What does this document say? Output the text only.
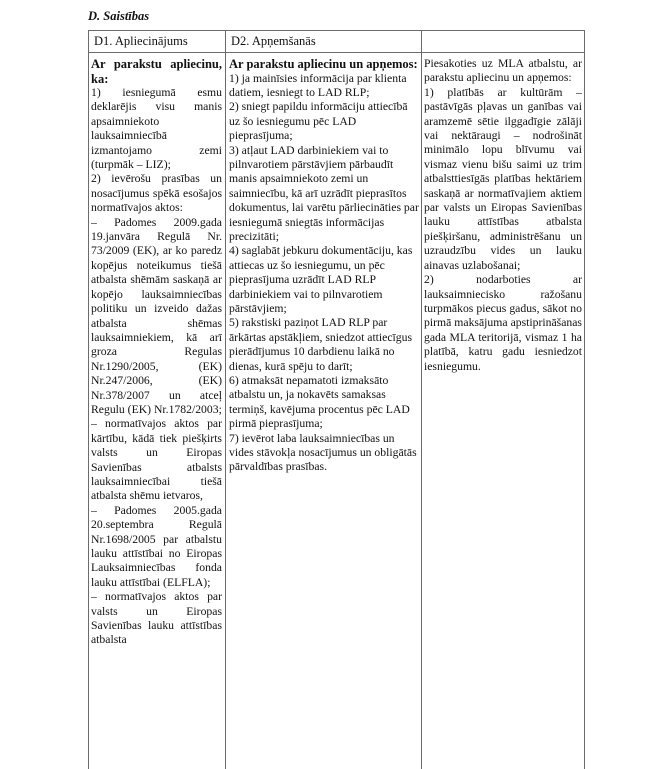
D. Saistības
D1. Apliecinājums	D2. Apņemšanās

Ar parakstu apliecinu, ka:

1) iesniegumā esmu deklarējis visu manis apsaimniekoto lauksaimniecībā izmantojamo zemi (turpmāk – LIZ);

2) ievērošu prasības un nosacījumus spēkā esošajos normatīvajos aktos:

– Padomes 2009.gada 19.janvāra Regulā Nr. 73/2009 (EK), ar ko paredz kopējus noteikumus tiešā atbalsta shēmām saskaņā ar kopējo lauksaimniecības politiku un izveido dažas atbalsta shēmas lauksaimniekiem, kā arī groza Regulas Nr.1290/2005, (EK) Nr.247/2006, (EK) Nr.378/2007 un atceļ Regulu (EK) Nr.1782/2003;

– normatīvajos aktos par kārtību, kādā tiek piešķirts valsts un Eiropas Savienības atbalsts lauksaimniecībai tiešā atbalsta shēmu ietvaros,

– Padomes 2005.gada 20.septembra Regulā Nr.1698/2005 par atbalstu lauku attīstībai no Eiropas Lauksaimniecības fonda lauku attīstībai (ELFLA);

– normatīvajos aktos par valsts un Eiropas Savienības lauku attīstības atbalsta

Ar parakstu apliecinu un apņemos:

1) ja mainīsies informācija par klienta datiem, iesniegt to LAD RLP;

2) sniegt papildu informāciju attiecībā uz šo iesniegumu pēc LAD pieprasījuma;

3) atļaut LAD darbiniekiem vai to pilnvarotiem pārstāvjiem pārbaudīt manis apsaimniekoto zemi un saimniecību, kā arī uzrādīt pieprasītos dokumentus, lai varētu pārliecināties par iesniegumā sniegtās informācijas precizitāti;

4) saglabāt jebkuru dokumentāciju, kas attiecas uz šo iesniegumu, un pēc pieprasījuma uzrādīt LAD RLP darbiniekiem vai to pilnvarotiem pārstāvjiem;

5) rakstiski paziņot LAD RLP par ārkārtas apstākļiem, sniedzot attiecīgus pierādījumus 10 darbdienu laikā no dienas, kurā spēju to darīt;

6) atmaksāt nepamatoti izmaksāto atbalstu un, ja nokavēts samaksas termiņš, kavējuma procentus pēc LAD pirmā pieprasījuma;

7) ievērot laba lauksaimniecības un vides stāvokļa nosacījumus un obligātās pārvaldības prasības.

Piesakoties uz MLA atbalstu, ar parakstu apliecinu un apņemos:

1) platībās ar kultūrām – pastāvīgās pļavas un ganības vai aramzemē sētie ilggadīgie zālāji vai nektāraugi – nodrošināt minimālo lopu blīvumu vai vismaz vienu bišu saimi uz trim atbalsttiesīgās platības hektāriem saskaņā ar normatīvajiem aktiem par valsts un Eiropas Savienības lauku attīstības atbalsta piešķiršanu, administrēšanu un uzraudzību vides un lauku ainavas uzlabošanai;

2) nodarboties ar lauksaimniecisko ražošanu turpmākos piecus gadus, sākot no pirmā maksājuma apstiprināšanas gada MLA teritorijā, vismaz 1 ha platībā, katru gadu iesniedzot iesniegumu.
